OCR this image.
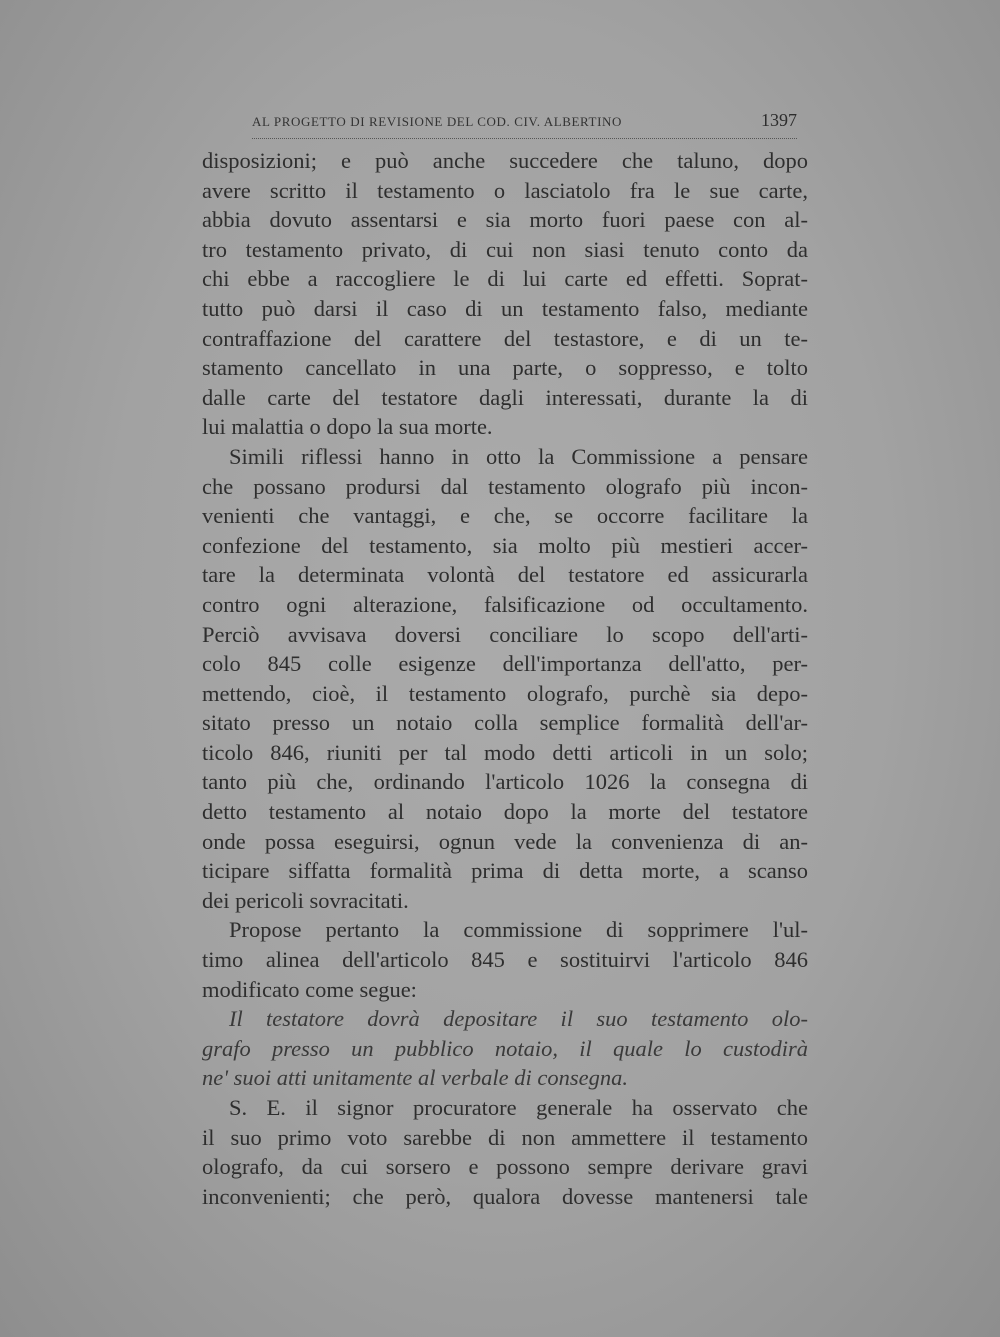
AL PROGETTO DI REVISIONE DEL COD. CIV. ALBERTINO	1397
disposizioni; e può anche succedere che taluno, dopo
avere scritto il testamento o lasciatolo fra le sue carte,
abbia dovuto assentarsi e sia morto fuori paese con al-
tro testamento privato, di cui non siasi tenuto conto da
chi ebbe a raccogliere le di lui carte ed effetti. Soprat-
tutto può darsi il caso di un testamento falso, mediante
contraffazione del carattere del testastore, e di un te-
stamento cancellato in una parte, o soppresso, e tolto
dalle carte del testatore dagli interessati, durante la di
lui malattia o dopo la sua morte.
Simili riflessi hanno in otto la Commissione a pensare
che possano prodursi dal testamento olografo più incon-
venienti che vantaggi, e che, se occorre facilitare la
confezione del testamento, sia molto più mestieri accer-
tare la determinata volontà del testatore ed assicurarla
contro ogni alterazione, falsificazione od occultamento.
Perciò avvisava doversi conciliare lo scopo dell'arti-
colo 845 colle esigenze dell'importanza dell'atto, per-
mettendo, cioè, il testamento olografo, purchè sia depo-
sitato presso un notaio colla semplice formalità dell'ar-
ticolo 846, riuniti per tal modo detti articoli in un solo;
tanto più che, ordinando l'articolo 1026 la consegna di
detto testamento al notaio dopo la morte del testatore
onde possa eseguirsi, ognun vede la convenienza di an-
ticipare siffatta formalità prima di detta morte, a scanso
dei pericoli sovracitati.
Propose pertanto la commissione di sopprimere l'ul-
timo alinea dell'articolo 845 e sostituirvi l'articolo 846
modificato come segue:
Il testatore dovrà depositare il suo testamento olo-
grafo presso un pubblico notaio, il quale lo custodirà
ne' suoi atti unitamente al verbale di consegna.
S. E. il signor procuratore generale ha osservato che
il suo primo voto sarebbe di non ammettere il testamento
olografo, da cui sorsero e possono sempre derivare gravi
inconvenienti; che però, qualora dovesse mantenersi tale
